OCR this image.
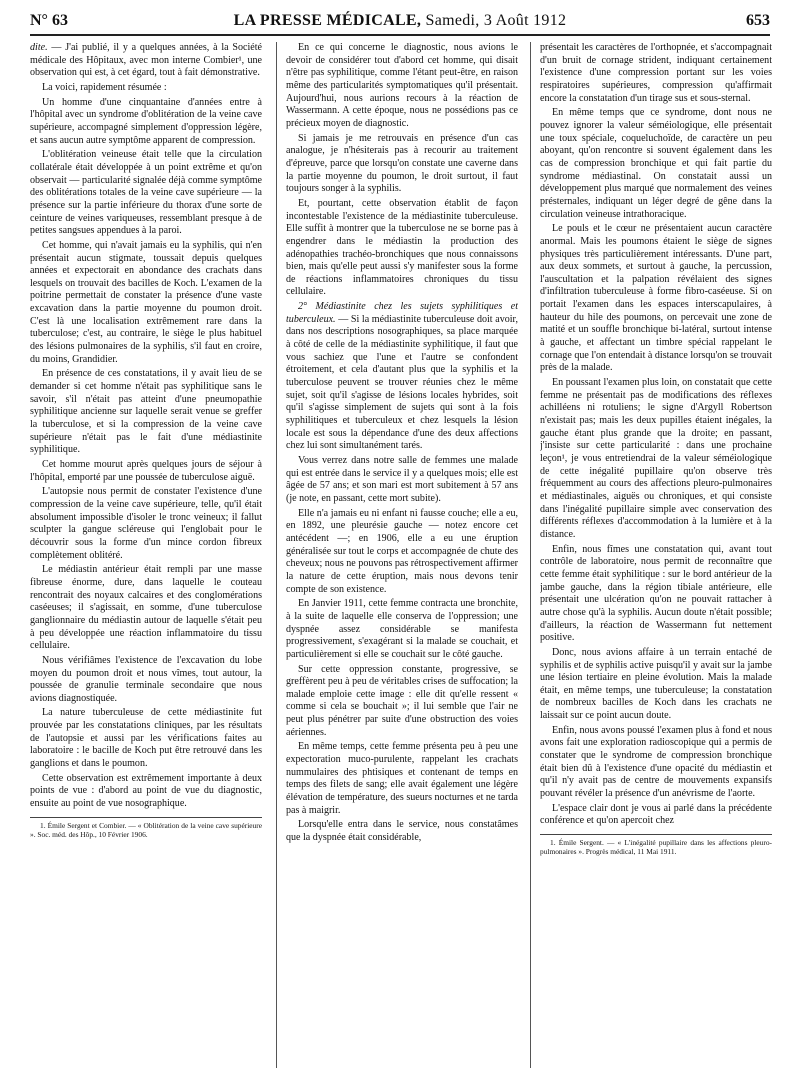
N° 63	LA PRESSE MÉDICALE, Samedi, 3 Août 1912	653

dite. — J'ai publié, il y a quelques années, à la Société médicale des Hôpitaux, avec mon interne Combier¹, une observation qui est, à cet égard, tout à fait démonstrative.

La voici, rapidement résumée :

Un homme d'une cinquantaine d'années entre à l'hôpital avec un syndrome d'oblitération de la veine cave supérieure, accompagné simplement d'oppression légère, et sans aucun autre symptôme apparent de compression.

L'oblitération veineuse était telle que la circulation collatérale était développée à un point extrême et qu'on observait — particularité signalée déjà comme symptôme des oblitérations totales de la veine cave supérieure — la présence sur la partie inférieure du thorax d'une sorte de ceinture de veines variqueuses, ressemblant presque à de petites sangsues appendues à la paroi.

Cet homme, qui n'avait jamais eu la syphilis, qui n'en présentait aucun stigmate, toussait depuis quelques années et expectorait en abondance des crachats dans lesquels on trouvait des bacilles de Koch. L'examen de la poitrine permettait de constater la présence d'une vaste excavation dans la partie moyenne du poumon droit. C'est là une localisation extrêmement rare dans la tuberculose; c'est, au contraire, le siège le plus habituel des lésions pulmonaires de la syphilis, s'il faut en croire, du moins, Grandidier.

En présence de ces constatations, il y avait lieu de se demander si cet homme n'était pas syphilitique sans le savoir, s'il n'était pas atteint d'une pneumopathie syphilitique ancienne sur laquelle serait venue se greffer la tuberculose, et si la compression de la veine cave supérieure n'était pas le fait d'une médiastinite syphilitique.

Cet homme mourut après quelques jours de séjour à l'hôpital, emporté par une poussée de tuberculose aiguë.

L'autopsie nous permit de constater l'existence d'une compression de la veine cave supérieure, telle, qu'il était absolument impossible d'isoler le tronc veineux; il fallut sculpter la gangue scléreuse qui l'englobait pour le découvrir sous la forme d'un mince cordon fibreux complètement oblitéré.

Le médiastin antérieur était rempli par une masse fibreuse énorme, dure, dans laquelle le couteau rencontrait des noyaux calcaires et des conglomérations caséeuses; il s'agissait, en somme, d'une tuberculose ganglionnaire du médiastin autour de laquelle s'était peu à peu développée une réaction inflammatoire du tissu cellulaire.

Nous vérifiâmes l'existence de l'excavation du lobe moyen du poumon droit et nous vîmes, tout autour, la poussée de granulie terminale secondaire que nous avions diagnostiquée.

La nature tuberculeuse de cette médiastinite fut prouvée par les constatations cliniques, par les résultats de l'autopsie et aussi par les vérifications faites au laboratoire : le bacille de Koch put être retrouvé dans les ganglions et dans le poumon.

Cette observation est extrêmement importante à deux points de vue : d'abord au point de vue du diagnostic, ensuite au point de vue nosographique.

1. Émile Sergent et Combier. — « Oblitération de la veine cave supérieure ». Soc. méd. des Hôp., 10 Février 1906.

En ce qui concerne le diagnostic, nous avions le devoir de considérer tout d'abord cet homme, qui disait n'être pas syphilitique, comme l'étant peut-être, en raison même des particularités symptomatiques qu'il présentait. Aujourd'hui, nous aurions recours à la réaction de Wassermann. A cette époque, nous ne possédions pas ce précieux moyen de diagnostic.

Si jamais je me retrouvais en présence d'un cas analogue, je n'hésiterais pas à recourir au traitement d'épreuve, parce que lorsqu'on constate une caverne dans la partie moyenne du poumon, le droit surtout, il faut toujours songer à la syphilis.

Et, pourtant, cette observation établit de façon incontestable l'existence de la médiastinite tuberculeuse. Elle suffit à montrer que la tuberculose ne se borne pas à engendrer dans le médiastin la production des adénopathies trachéo-bronchiques que nous connaissons bien, mais qu'elle peut aussi s'y manifester sous la forme de réactions inflammatoires chroniques du tissu cellulaire.

2° Médiastinite chez les sujets syphilitiques et tuberculeux. — Si la médiastinite tuberculeuse doit avoir, dans nos descriptions nosographiques, sa place marquée à côté de celle de la médiastinite syphilitique, il faut que vous sachiez que l'une et l'autre se confondent étroitement, et cela d'autant plus que la syphilis et la tuberculose peuvent se trouver réunies chez le même sujet, soit qu'il s'agisse de lésions locales hybrides, soit qu'il s'agisse simplement de sujets qui sont à la fois syphilitiques et tuberculeux et chez lesquels la lésion locale est sous la dépendance d'une des deux affections chez lui sont simultanément tarés.

Vous verrez dans notre salle de femmes une malade qui est entrée dans le service il y a quelques mois; elle est âgée de 57 ans; et son mari est mort subitement à 57 ans (je note, en passant, cette mort subite).

Elle n'a jamais eu ni enfant ni fausse couche; elle a eu, en 1892, une pleurésie gauche — notez encore cet antécédent —; en 1906, elle a eu une éruption généralisée sur tout le corps et accompagnée de chute des cheveux; nous ne pouvons pas rétrospectivement affirmer la nature de cette éruption, mais nous devons tenir compte de son existence.

En Janvier 1911, cette femme contracta une bronchite, à la suite de laquelle elle conserva de l'oppression; une dyspnée assez considérable se manifesta progressivement, s'exagérant si la malade se couchait, et particulièrement si elle se couchait sur le côté gauche.

Sur cette oppression constante, progressive, se greffèrent peu à peu de véritables crises de suffocation; la malade emploie cette image : elle dit qu'elle ressent « comme si cela se bouchait »; il lui semble que l'air ne peut plus pénétrer par suite d'une obstruction des voies aériennes.

En même temps, cette femme présenta peu à peu une expectoration muco-purulente, rappelant les crachats nummulaires des phtisiques et contenant de temps en temps des filets de sang; elle avait également une légère élévation de température, des sueurs nocturnes et ne tarda pas à maigrir.

Lorsqu'elle entra dans le service, nous constatâmes que la dyspnée était considérable,

présentait les caractères de l'orthopnée, et s'accompagnait d'un bruit de cornage strident, indiquant certainement l'existence d'une compression portant sur les voies respiratoires supérieures, compression qu'affirmait encore la constatation d'un tirage sus et sous-sternal.

En même temps que ce syndrome, dont nous ne pouvez ignorer la valeur séméiologique, elle présentait une toux spéciale, coqueluchoïde, de caractère un peu aboyant, qu'on rencontre si souvent également dans les cas de compression bronchique et qui fait partie du syndrome médiastinal. On constatait aussi un développement plus marqué que normalement des veines présternales, indiquant un léger degré de gêne dans la circulation veineuse intrathoracique.

Le pouls et le cœur ne présentaient aucun caractère anormal. Mais les poumons étaient le siège de signes physiques très particulièrement intéressants. D'une part, aux deux sommets, et surtout à gauche, la percussion, l'auscultation et la palpation révélaient des signes d'infiltration tuberculeuse à forme fibro-caséeuse. Si on portait l'examen dans les espaces interscapulaires, à hauteur du hile des poumons, on percevait une zone de matité et un souffle bronchique bi-latéral, surtout intense à gauche, et affectant un timbre spécial rappelant le cornage que l'on entendait à distance lorsqu'on se trouvait près de la malade.

En poussant l'examen plus loin, on constatait que cette femme ne présentait pas de modifications des réflexes achilléens ni rotuliens; le signe d'Argyll Robertson n'existait pas; mais les deux pupilles étaient inégales, la gauche étant plus grande que la droite; en passant, j'insiste sur cette particularité : dans une prochaine leçon¹, je vous entretiendrai de la valeur séméiologique de cette inégalité pupillaire qu'on observe très fréquemment au cours des affections pleuro-pulmonaires et médiastinales, aiguës ou chroniques, et qui consiste dans l'inégalité pupillaire simple avec conservation des différents réflexes d'accommodation à la lumière et à la distance.

Enfin, nous fîmes une constatation qui, avant tout contrôle de laboratoire, nous permit de reconnaître que cette femme était syphilitique : sur le bord antérieur de la jambe gauche, dans la région tibiale antérieure, elle présentait une ulcération qu'on ne pouvait rattacher à autre chose qu'à la syphilis. Aucun doute n'était possible; d'ailleurs, la réaction de Wassermann fut nettement positive.

Donc, nous avions affaire à un terrain entaché de syphilis et de syphilis active puisqu'il y avait sur la jambe une lésion tertiaire en pleine évolution. Mais la malade était, en même temps, une tuberculeuse; la constatation de nombreux bacilles de Koch dans les crachats ne laissait sur ce point aucun doute.

Enfin, nous avons poussé l'examen plus à fond et nous avons fait une exploration radioscopique qui a permis de constater que le syndrome de compression bronchique était bien dû à l'existence d'une opacité du médiastin et qu'il n'y avait pas de centre de mouvements expansifs pouvant révéler la présence d'un anévrisme de l'aorte.

L'espace clair dont je vous ai parlé dans la précédente conférence et qu'on apercoit chez

1. Émile Sergent. — « L'inégalité pupillaire dans les affections pleuro-pulmonaires ». Progrès médical, 11 Mai 1911.
